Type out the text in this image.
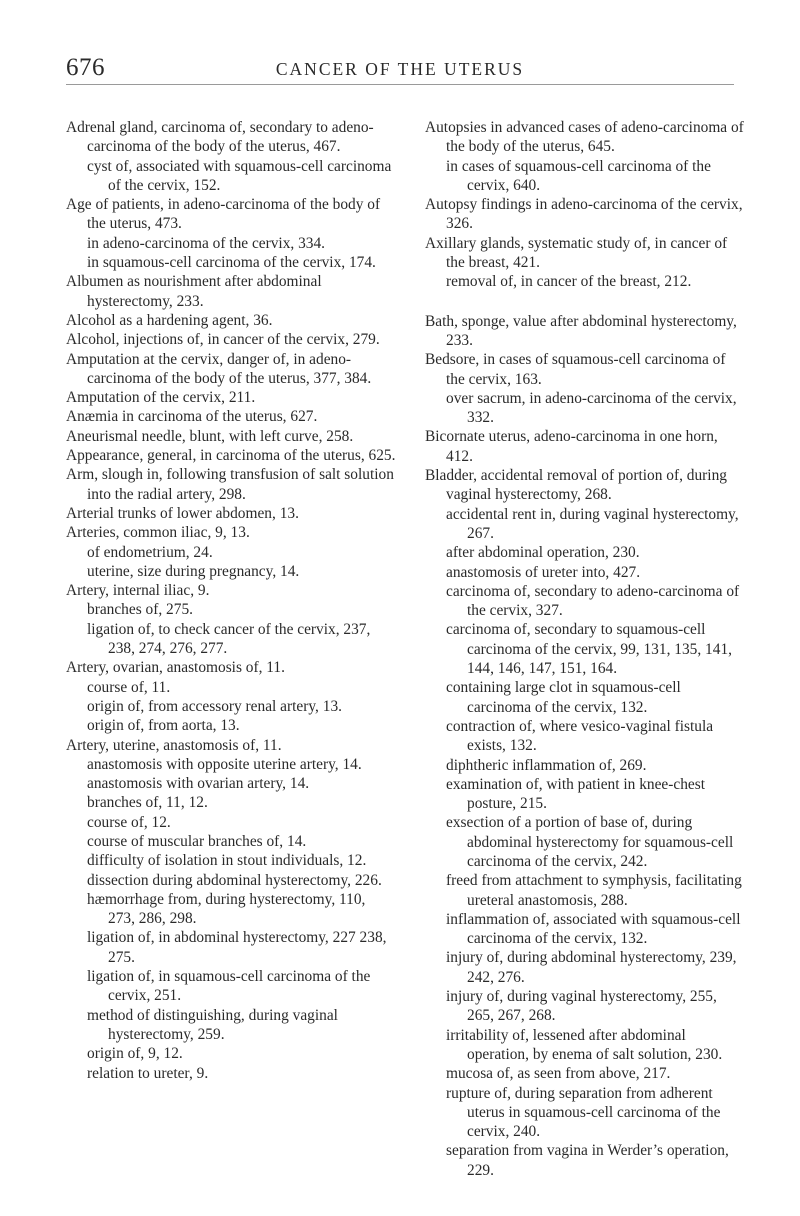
676	CANCER OF THE UTERUS
Adrenal gland, carcinoma of, secondary to adeno-carcinoma of the body of the uterus, 467.
cyst of, associated with squamous-cell carcinoma of the cervix, 152.
Age of patients, in adeno-carcinoma of the body of the uterus, 473.
in adeno-carcinoma of the cervix, 334.
in squamous-cell carcinoma of the cervix, 174.
Albumen as nourishment after abdominal hysterectomy, 233.
Alcohol as a hardening agent, 36.
Alcohol, injections of, in cancer of the cervix, 279.
Amputation at the cervix, danger of, in adeno-carcinoma of the body of the uterus, 377, 384.
Amputation of the cervix, 211.
Anæmia in carcinoma of the uterus, 627.
Aneurismal needle, blunt, with left curve, 258.
Appearance, general, in carcinoma of the uterus, 625.
Arm, slough in, following transfusion of salt solution into the radial artery, 298.
Arterial trunks of lower abdomen, 13.
Arteries, common iliac, 9, 13.
of endometrium, 24.
uterine, size during pregnancy, 14.
Artery, internal iliac, 9.
branches of, 275.
ligation of, to check cancer of the cervix, 237, 238, 274, 276, 277.
Artery, ovarian, anastomosis of, 11.
course of, 11.
origin of, from accessory renal artery, 13.
origin of, from aorta, 13.
Artery, uterine, anastomosis of, 11.
anastomosis with opposite uterine artery, 14.
anastomosis with ovarian artery, 14.
branches of, 11, 12.
course of, 12.
course of muscular branches of, 14.
difficulty of isolation in stout individuals, 12.
dissection during abdominal hysterectomy, 226.
hæmorrhage from, during hysterectomy, 110, 273, 286, 298.
ligation of, in abdominal hysterectomy, 227 238, 275.
ligation of, in squamous-cell carcinoma of the cervix, 251.
method of distinguishing, during vaginal hysterectomy, 259.
origin of, 9, 12.
relation to ureter, 9.
Autopsies in advanced cases of adeno-carcinoma of the body of the uterus, 645.
in cases of squamous-cell carcinoma of the cervix, 640.
Autopsy findings in adeno-carcinoma of the cervix, 326.
Axillary glands, systematic study of, in cancer of the breast, 421.
removal of, in cancer of the breast, 212.
Bath, sponge, value after abdominal hysterectomy, 233.
Bedsore, in cases of squamous-cell carcinoma of the cervix, 163.
over sacrum, in adeno-carcinoma of the cervix, 332.
Bicornate uterus, adeno-carcinoma in one horn, 412.
Bladder, accidental removal of portion of, during vaginal hysterectomy, 268.
accidental rent in, during vaginal hysterectomy, 267.
after abdominal operation, 230.
anastomosis of ureter into, 427.
carcinoma of, secondary to adeno-carcinoma of the cervix, 327.
carcinoma of, secondary to squamous-cell carcinoma of the cervix, 99, 131, 135, 141, 144, 146, 147, 151, 164.
containing large clot in squamous-cell carcinoma of the cervix, 132.
contraction of, where vesico-vaginal fistula exists, 132.
diphtheric inflammation of, 269.
examination of, with patient in knee-chest posture, 215.
exsection of a portion of base of, during abdominal hysterectomy for squamous-cell carcinoma of the cervix, 242.
freed from attachment to symphysis, facilitating ureteral anastomosis, 288.
inflammation of, associated with squamous-cell carcinoma of the cervix, 132.
injury of, during abdominal hysterectomy, 239, 242, 276.
injury of, during vaginal hysterectomy, 255, 265, 267, 268.
irritability of, lessened after abdominal operation, by enema of salt solution, 230.
mucosa of, as seen from above, 217.
rupture of, during separation from adherent uterus in squamous-cell carcinoma of the cervix, 240.
separation from vagina in Werder’s operation, 229.
